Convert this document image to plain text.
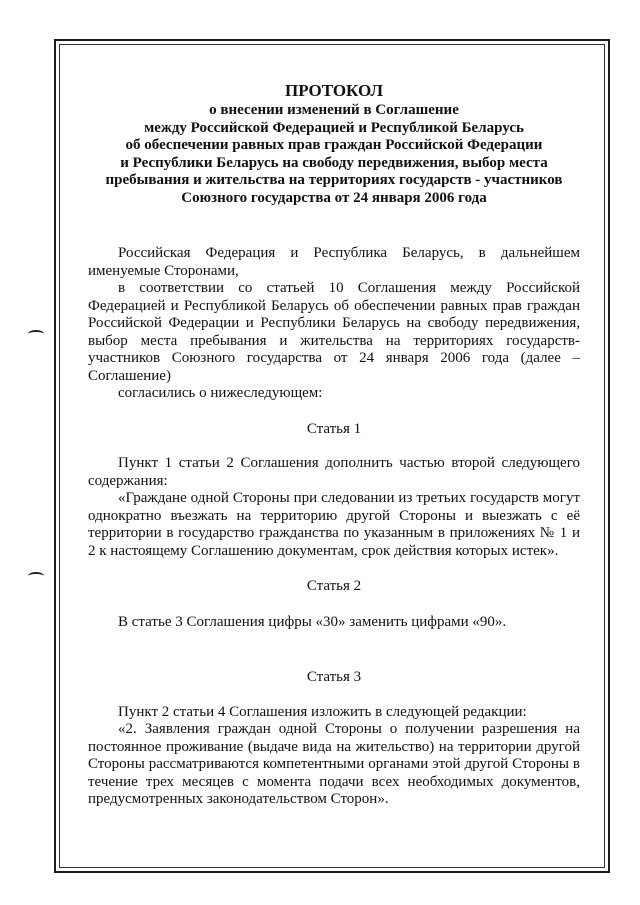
ПРОТОКОЛ

о внесении изменений в Соглашение

между Российской Федерацией и Республикой Беларусь

об обеспечении равных прав граждан Российской Федерации

и Республики Беларусь на свободу передвижения, выбор места

пребывания и жительства на территориях государств - участников

Союзного государства от 24 января 2006 года

Российская Федерация и Республика Беларусь, в дальнейшем именуемые Сторонами,

в соответствии со статьей 10 Соглашения между Российской Федерацией и Республикой Беларусь об обеспечении равных прав граждан Российской Федерации и Республики Беларусь на свободу передвижения, выбор места пребывания и жительства на территориях государств-участников Союзного государства от 24 января 2006 года (далее – Соглашение)

согласились о нижеследующем:

Статья 1

Пункт 1 статьи 2 Соглашения дополнить частью второй следующего содержания:

«Граждане одной Стороны при следовании из третьих государств могут однократно въезжать на территорию другой Стороны и выезжать с её территории в государство гражданства по указанным в приложениях № 1 и 2 к настоящему Соглашению документам, срок действия которых истек».

Статья 2

В статье 3 Соглашения цифры «30» заменить цифрами «90».

Статья 3

Пункт 2 статьи 4 Соглашения изложить в следующей редакции:

«2. Заявления граждан одной Стороны о получении разрешения на постоянное проживание (выдаче вида на жительство) на территории другой Стороны рассматриваются компетентными органами этой другой Стороны в течение трех месяцев с момента подачи всех необходимых документов, предусмотренных законодательством Сторон».
